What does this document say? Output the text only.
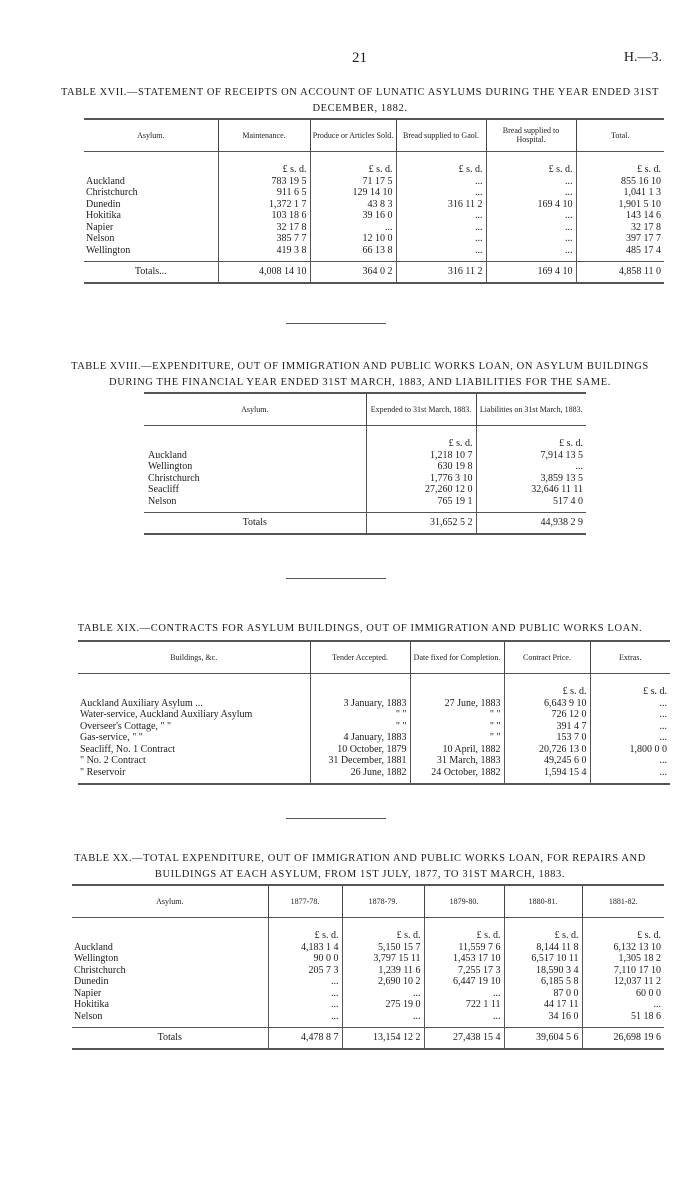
21	H.—3.
TABLE XVII.—STATEMENT OF RECEIPTS ON ACCOUNT OF LUNATIC ASYLUMS DURING THE YEAR ENDED 31ST DECEMBER, 1882.
Asylum.	Maintenance.	Produce or Articles Sold.	Bread supplied to Gaol.	Bread supplied to Hospital.	Total.
	£ s. d.	£ s. d.	£ s. d.	£ s. d.	£ s. d.
Auckland	783 19 5	71 17 5	...	...	855 16 10
Christchurch	911 6 5	129 14 10	...	...	1,041 1 3
Dunedin	1,372 1 7	43 8 3	316 11 2	169 4 10	1,901 5 10
Hokitika	103 18 6	39 16 0	...	...	143 14 6
Napier	32 17 8	...	...	...	32 17 8
Nelson	385 7 7	12 10 0	...	...	397 17 7
Wellington	419 3 8	66 13 8	...	...	485 17 4
Totals...	4,008 14 10	364 0 2	316 11 2	169 4 10	4,858 11 0
TABLE XVIII.—EXPENDITURE, OUT OF IMMIGRATION AND PUBLIC WORKS LOAN, ON ASYLUM BUILDINGS DURING THE FINANCIAL YEAR ENDED 31ST MARCH, 1883, AND LIABILITIES FOR THE SAME.
Asylum.	Expended to 31st March, 1883.	Liabilities on 31st March, 1883.
	£ s. d.	£ s. d.
Auckland	1,218 10 7	7,914 13 5
Wellington	630 19 8	...
Christchurch	1,776 3 10	3,859 13 5
Seacliff	27,260 12 0	32,646 11 11
Nelson	765 19 1	517 4 0
Totals	31,652 5 2	44,938 2 9
TABLE XIX.—CONTRACTS FOR ASYLUM BUILDINGS, OUT OF IMMIGRATION AND PUBLIC WORKS LOAN.
Buildings, &c.	Tender Accepted.	Date fixed for Completion.	Contract Price.	Extras.
			£ s. d.	£ s. d.
Auckland Auxiliary Asylum ...	3 January, 1883	27 June, 1883	6,643 9 10	...
Water-service, Auckland Auxiliary Asylum	" "	" "	726 12 0	...
Overseer's Cottage, " "	" "	" "	391 4 7	...
Gas-service, " "	4 January, 1883	" "	153 7 0	...
Seacliff, No. 1 Contract	10 October, 1879	10 April, 1882	20,726 13 0	1,800 0 0
" No. 2 Contract	31 December, 1881	31 March, 1883	49,245 6 0	...
" Reservoir	26 June, 1882	24 October, 1882	1,594 15 4	...
TABLE XX.—TOTAL EXPENDITURE, OUT OF IMMIGRATION AND PUBLIC WORKS LOAN, FOR REPAIRS AND BUILDINGS AT EACH ASYLUM, FROM 1ST JULY, 1877, TO 31ST MARCH, 1883.
Asylum.	1877-78.	1878-79.	1879-80.	1880-81.	1881-82.
	£ s. d.	£ s. d.	£ s. d.	£ s. d.	£ s. d.
Auckland	4,183 1 4	5,150 15 7	11,559 7 6	8,144 11 8	6,132 13 10
Wellington	90 0 0	3,797 15 11	1,453 17 10	6,517 10 11	1,305 18 2
Christchurch	205 7 3	1,239 11 6	7,255 17 3	18,590 3 4	7,110 17 10
Dunedin	...	2,690 10 2	6,447 19 10	6,185 5 8	12,037 11 2
Napier	...	...	...	87 0 0	60 0 0
Hokitika	...	275 19 0	722 1 11	44 17 11	...
Nelson	...	...	...	34 16 0	51 18 6
Totals	4,478 8 7	13,154 12 2	27,438 15 4	39,604 5 6	26,698 19 6
